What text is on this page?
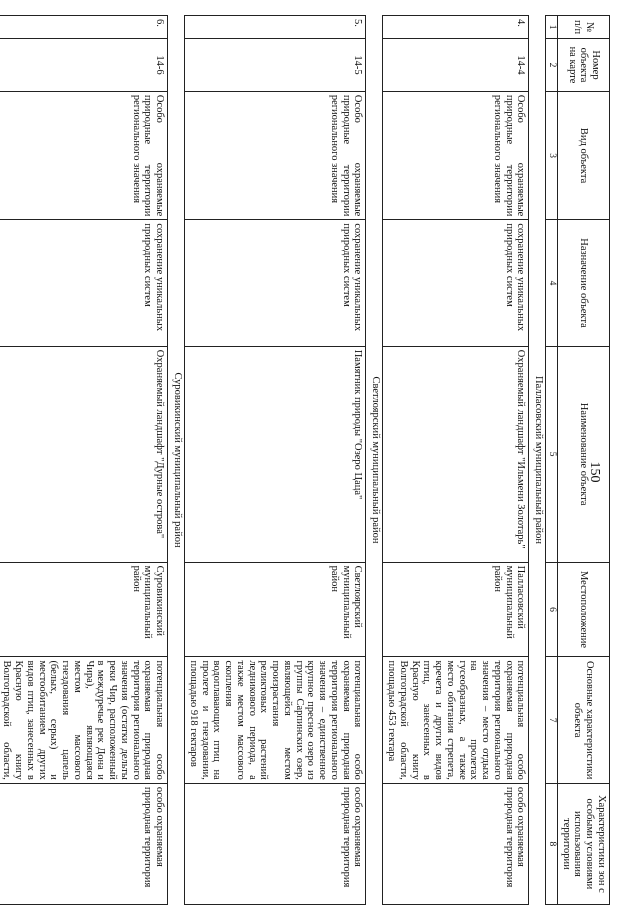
150
№ п/п	Номер объекта на карте	Вид объекта	Назначение объекта	Наименование объекта	Местоположение	Основные характеристики объекта	Характеристики зон с особыми условиями использования территории
1	2	3	4	5	6	7	8
Палласовский муниципальный район							
4.	14-4	Особо охраняемые природные территории регионального значения	сохранение уникальных природных систем	Охраняемый ландшафт "Ильмени Золотарь"	Палласовский муниципальный район	потенциальная особо охраняемая природная территория регионального значения – место отдыха на пролетах гусеобразных, а также место обитания стрепета, кречета и других видов птиц, занесенных в Красную книгу Волгоградской области, площадью 453 гектара	особо охраняемая природная территория
Светлоярский муниципальный район							
5.	14-5	Особо охраняемые природные территории регионального значения	сохранение уникальных природных систем	Памятник природы "Озеро Цаца"	Светлоярский муниципальный район	потенциальная особо охраняемая природная территория регионального значения – единственное крупное пресное озеро из группы Сарпинских озер, являющейся местом произрастания реликтовых растений ледникового периода, а также местом массового скопления водоплавающих птиц на пролете и гнездовании, площадью 918 гектаров	особо охраняемая природная территория
Суровикинский муниципальный район							
6.	14-6	Особо охраняемые природные территории регионального значения	сохранение уникальных природных систем	Охраняемый ландшафт "Дурные острова"	Суровикинский муниципальный район	потенциальная особо охраняемая природная территория регионального значения (остатки дельты реки Чир, расположенный в междуречье рек Дона и Чира), являющаяся местом массового гнездования цапель (белых, серых) и местообитанием других видов птиц, занесенных в Красную книгу Волгоградской области,	особо охраняемая природная территория
